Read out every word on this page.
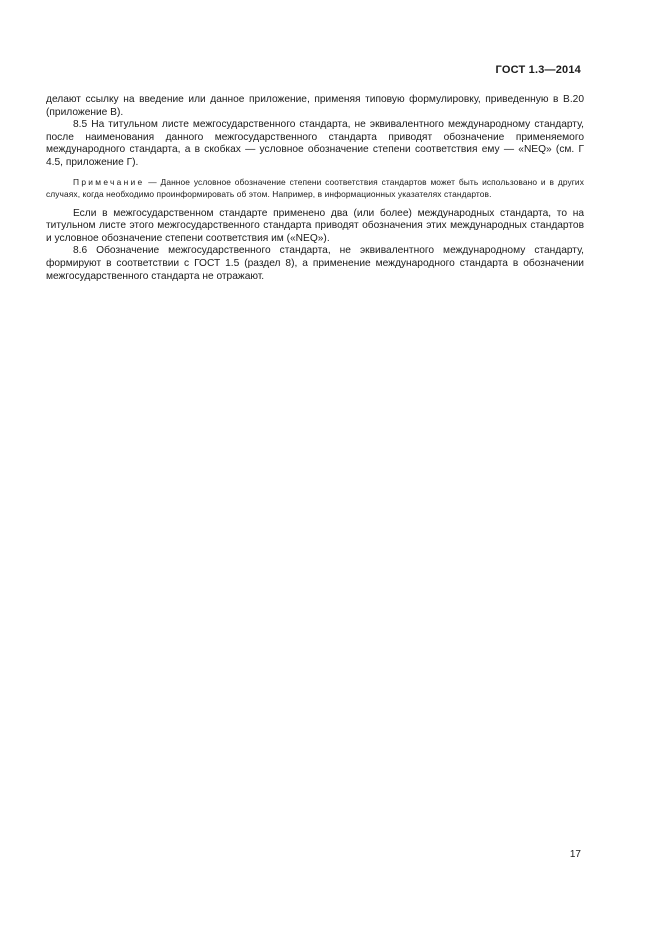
ГОСТ 1.3—2014

делают ссылку на введение или данное приложение, применяя типовую формулировку, приведенную в В.20 (приложение В).

8.5 На титульном листе межгосударственного стандарта, не эквивалентного международному стандарту, после наименования данного межгосударственного стандарта приводят обозначение применяемого международного стандарта, а в скобках — условное обозначение степени соответствия ему — «NEQ» (см. Г 4.5, приложение Г).

Примечание — Данное условное обозначение степени соответствия стандартов может быть использовано и в других случаях, когда необходимо проинформировать об этом. Например, в информационных указателях стандартов.

Если в межгосударственном стандарте применено два (или более) международных стандарта, то на титульном листе этого межгосударственного стандарта приводят обозначения этих международных стандартов и условное обозначение степени соответствия им («NEQ»).

8.6 Обозначение межгосударственного стандарта, не эквивалентного международному стандарту, формируют в соответствии с ГОСТ 1.5 (раздел 8), а применение международного стандарта в обозначении межгосударственного стандарта не отражают.

17
